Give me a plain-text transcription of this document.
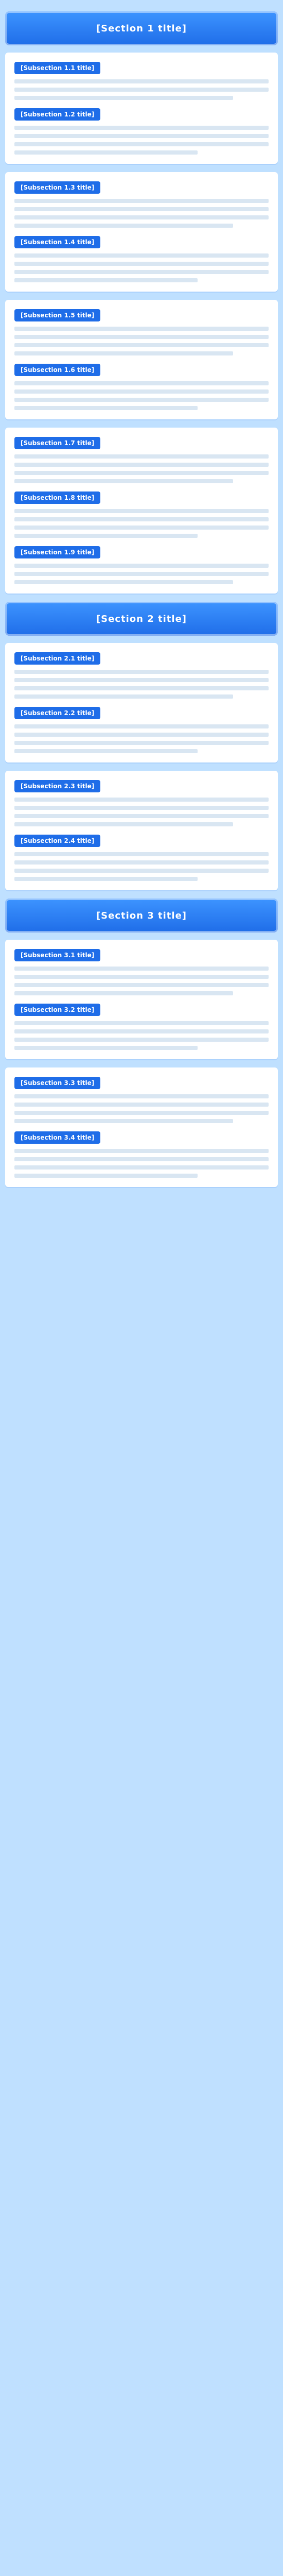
[Section 1 title]
[Subsection 1.1 title]
[Subsection 1.2 title]
[Subsection 1.3 title]
[Subsection 1.4 title]
[Subsection 1.5 title]
[Subsection 1.6 title]
[Subsection 1.7 title]
[Subsection 1.8 title]
[Subsection 1.9 title]
[Section 2 title]
[Subsection 2.1 title]
[Subsection 2.2 title]
[Subsection 2.3 title]
[Subsection 2.4 title]
[Section 3 title]
[Subsection 3.1 title]
[Subsection 3.2 title]
[Subsection 3.3 title]
[Subsection 3.4 title]
